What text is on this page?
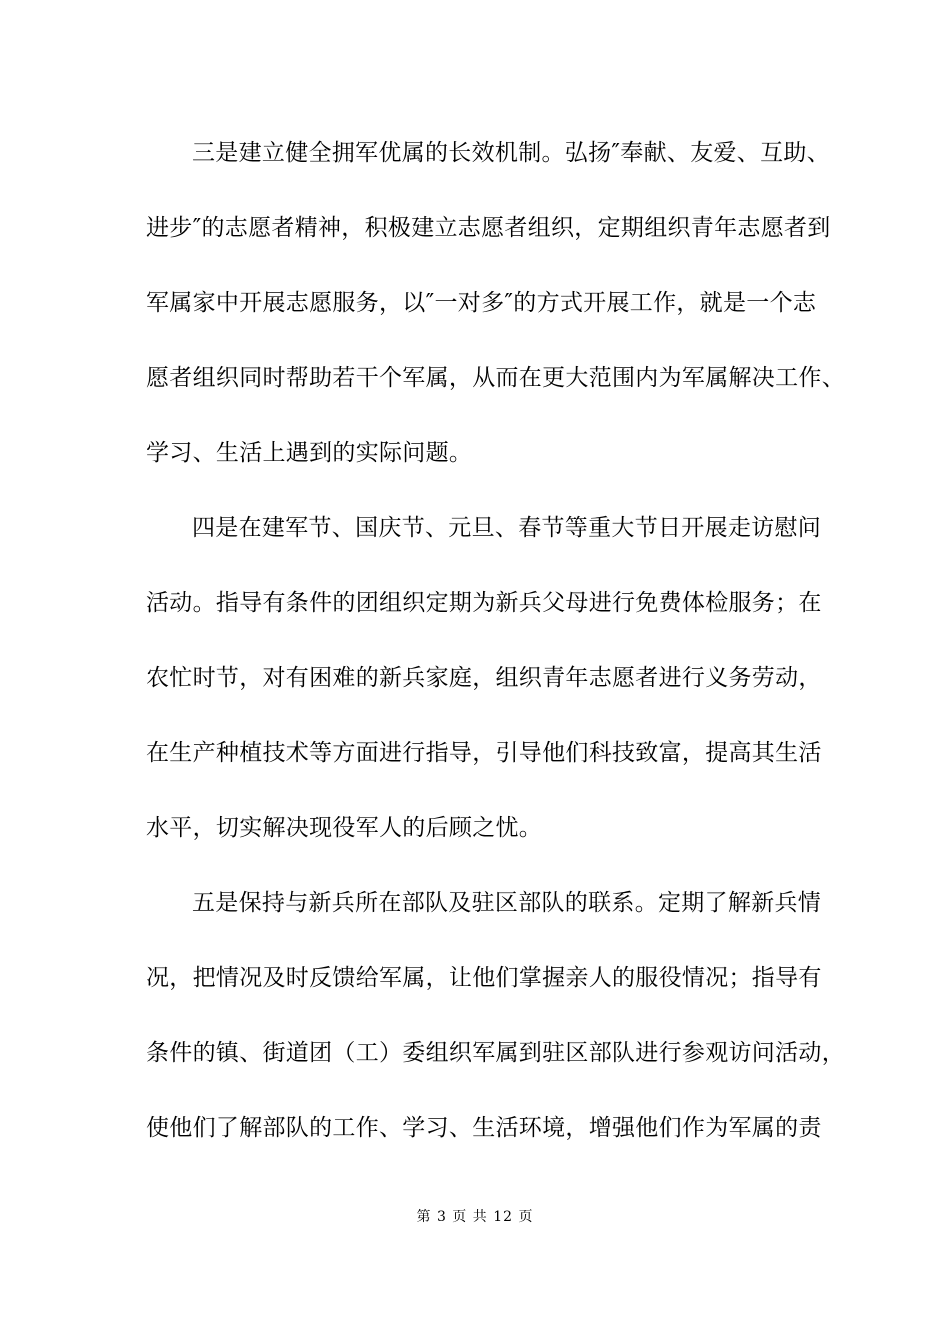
三是建立健全拥军优属的长效机制。弘扬″奉献、友爱、互助、
进步″的志愿者精神，积极建立志愿者组织，定期组织青年志愿者到
军属家中开展志愿服务，以″一对多″的方式开展工作，就是一个志
愿者组织同时帮助若干个军属，从而在更大范围内为军属解决工作、
学习、生活上遇到的实际问题。
四是在建军节、国庆节、元旦、春节等重大节日开展走访慰问
活动。指导有条件的团组织定期为新兵父母进行免费体检服务；在
农忙时节，对有困难的新兵家庭，组织青年志愿者进行义务劳动，
在生产种植技术等方面进行指导，引导他们科技致富，提高其生活
水平，切实解决现役军人的后顾之忧。
五是保持与新兵所在部队及驻区部队的联系。定期了解新兵情
况，把情况及时反馈给军属，让他们掌握亲人的服役情况；指导有
条件的镇、街道团（工）委组织军属到驻区部队进行参观访问活动，
使他们了解部队的工作、学习、生活环境，增强他们作为军属的责
第 3 页 共 12 页
